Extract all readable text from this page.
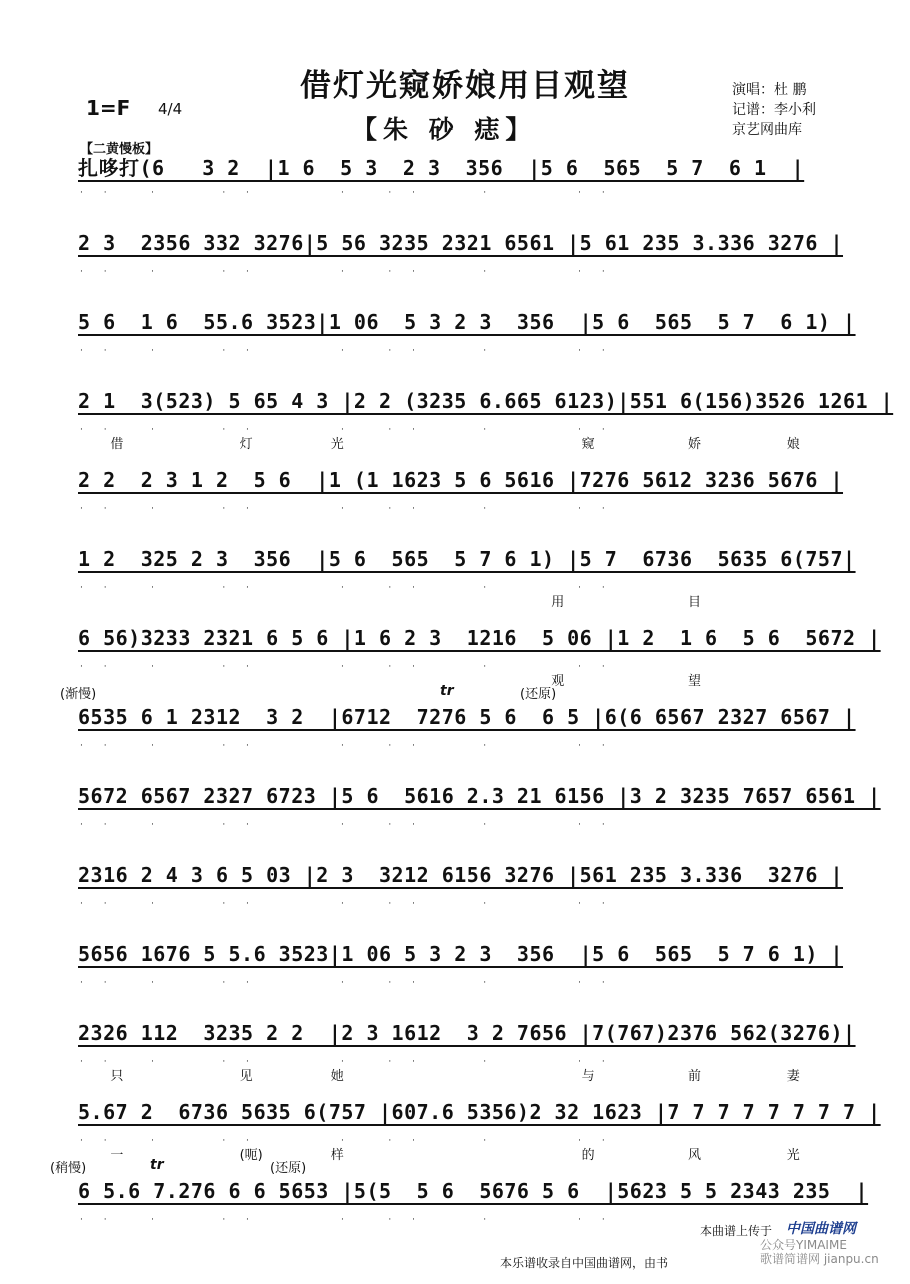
借灯光窥娇娘用目观望
【朱 砂 痣】
1=F 4/4
【二黄慢板】
演唱：杜 鹏
记谱：李小利
京艺网曲库
扎哆打(6   3 2  |1 6  5 3  2 3  356  |5 6  565  5 7  6 1  |
· ·   ·     · ·       ·   · ·     ·       · ·
2 3  2356 332 3276|5 56 3235 2321 6561 |5 61 235 3.336 3276 |
· ·   ·     · ·       ·   · ·     ·       · ·
5 6  1 6  55.6 3523|1 06  5 3 2 3  356  |5 6  565  5 7  6 1) |
· ·   ·     · ·       ·   · ·     ·       · ·
2 1  3(523) 5 65 4 3 |2 2 (3235 6.665 6123)|551 6(156)3526 1261 |
· ·   ·     · ·       ·   · ·     ·       · ·
借	灯	光	窥	娇	娘
2 2  2 3 1 2  5 6  |1 (1 1623 5 6 5616 |7276 5612 3236 5676 |
· ·   ·     · ·       ·   · ·     ·       · ·
1 2  325 2 3  356  |5 6  565  5 7 6 1) |5 7  6736  5635 6(757|
· ·   ·     · ·       ·   · ·     ·       · ·
用	目
6 56)3233 2321 6 5 6 |1 6 2 3  1216  5 06 |1 2  1 6  5 6  5672 |
· ·   ·     · ·       ·   · ·     ·       · ·
观	望
6535 6 1 2312  3 2  |6712  7276 5 6  6 5 |6(6 6567 2327 6567 |
· ·   ·     · ·       ·   · ·     ·       · ·
5672 6567 2327 6723 |5 6  5616 2.3 21 6156 |3 2 3235 7657 6561 |
· ·   ·     · ·       ·   · ·     ·       · ·
2316 2 4 3 6 5 03 |2 3  3212 6156 3276 |561 235 3.336  3276 |
· ·   ·     · ·       ·   · ·     ·       · ·
5656 1676 5 5.6 3523|1 06 5 3 2 3  356  |5 6  565  5 7 6 1) |
· ·   ·     · ·       ·   · ·     ·       · ·
2326 112  3235 2 2  |2 3 1612  3 2 7656 |7(767)2376 562(3276)|
· ·   ·     · ·       ·   · ·     ·       · ·
只	见	她	与	前	妻
5.67 2  6736 5635 6(757 |607.6 5356)2 32 1623 |7 7 7 7 7 7 7 7 |
· ·   ·     · ·       ·   · ·     ·       · ·
一	(呃)	样	的	风	光
6 5.6 7.276 6 6 5653 |5(5  5 6  5676 5 6  |5623 5 5 2343 235  |
· ·   ·     · ·       ·   · ·     ·       · ·
(渐慢)	(还原)
tr
(稍慢)	(还原)
tr
本曲谱上传于 中国曲谱网
本乐谱收录自中国曲谱网，由书
公众号YIMAIME
歌谱简谱网 jianpu.cn
